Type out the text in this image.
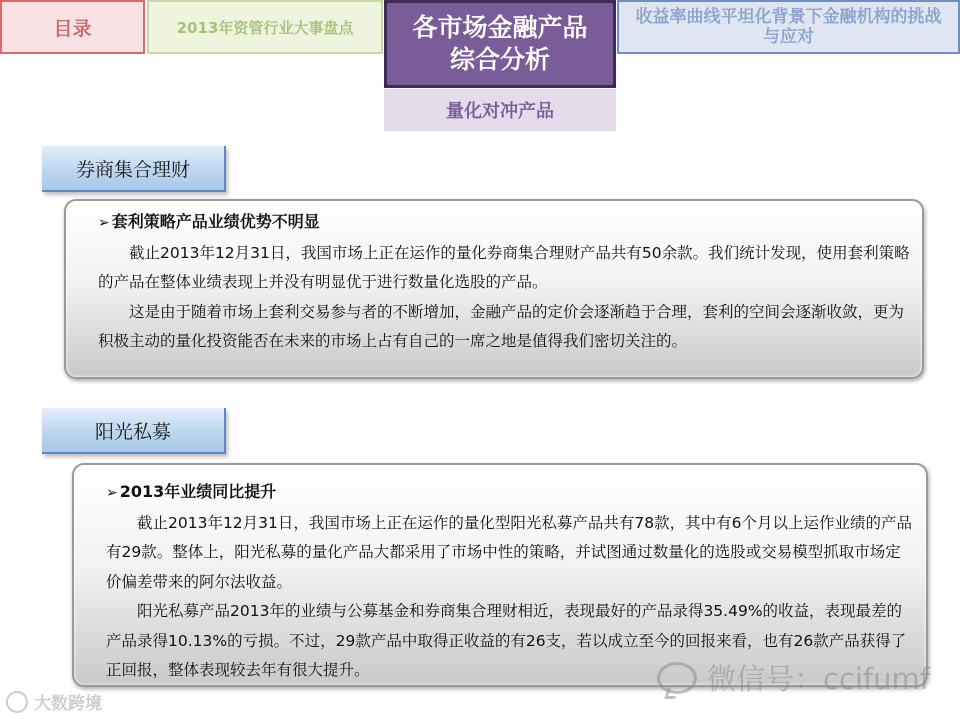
目录	2013年资管行业大事盘点 各市场金融产品
综合分析
收益率曲线平坦化背景下金融机构的挑战与应对
量化对冲产品
券商集合理财
➢ 套利策略产品业绩优势不明显

截止2013年12月31日，我国市场上正在运作的量化券商集合理财产品共有50余款。我们统计发现，使用套利策略的产品在整体业绩表现上并没有明显优于进行数量化选股的产品。

这是由于随着市场上套利交易参与者的不断增加，金融产品的定价会逐渐趋于合理，套利的空间会逐渐收敛，更为积极主动的量化投资能否在未来的市场上占有自己的一席之地是值得我们密切关注的。

阳光私募
➢ 2013年业绩同比提升

截止2013年12月31日，我国市场上正在运作的量化型阳光私募产品共有78款，其中有6个月以上运作业绩的产品有29款。整体上，阳光私募的量化产品大都采用了市场中性的策略，并试图通过数量化的选股或交易模型抓取市场定价偏差带来的阿尔法收益。

阳光私募产品2013年的业绩与公募基金和券商集合理财相近，表现最好的产品录得35.49%的收益，表现最差的产品录得10.13%的亏损。不过，29款产品中取得正收益的有26支，若以成立至今的回报来看，也有26款产品获得了正回报，整体表现较去年有很大提升。	微信号：ccifumf
大数跨境
